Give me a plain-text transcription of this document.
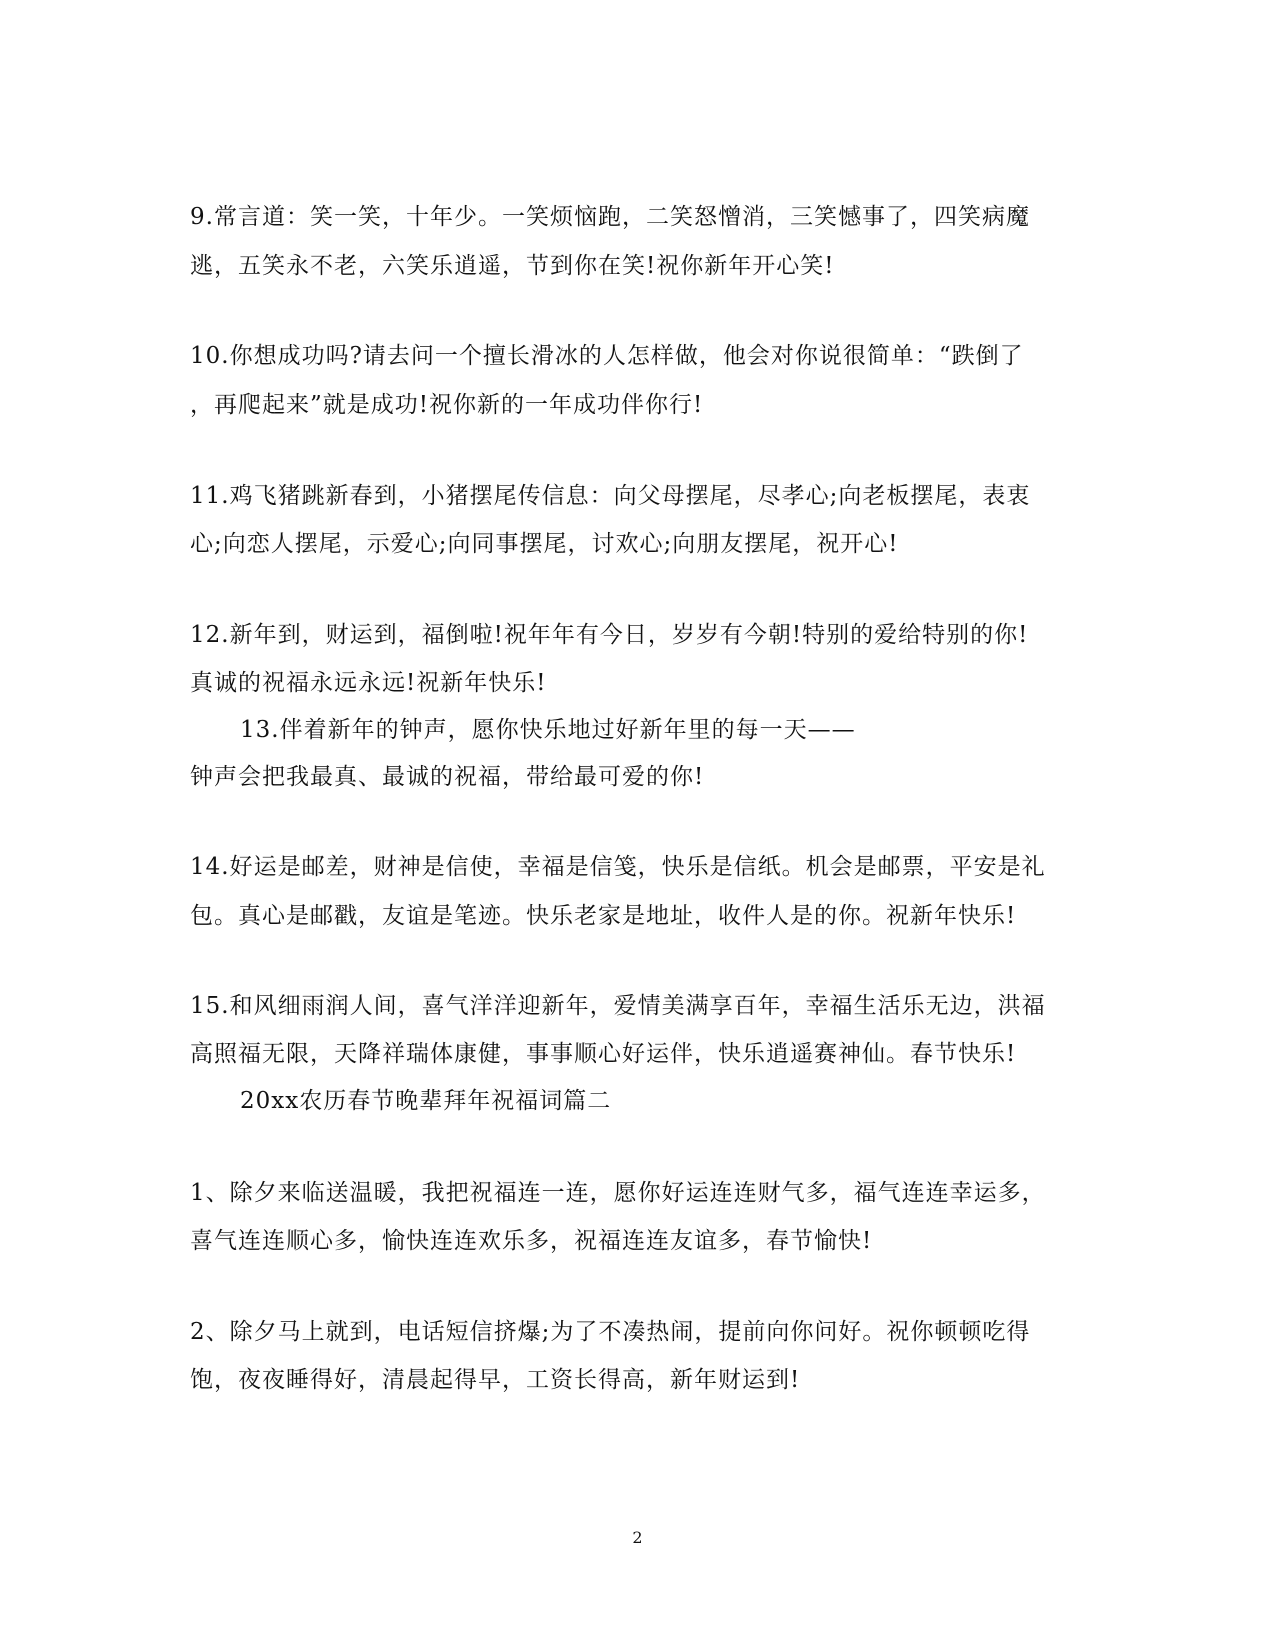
9.常言道：笑一笑，十年少。一笑烦恼跑，二笑怒憎消，三笑憾事了，四笑病魔
逃，五笑永不老，六笑乐逍遥，节到你在笑!祝你新年开心笑!
10.你想成功吗?请去问一个擅长滑冰的人怎样做，他会对你说很简单：“跌倒了
，再爬起来”就是成功!祝你新的一年成功伴你行!
11.鸡飞猪跳新春到，小猪摆尾传信息：向父母摆尾，尽孝心;向老板摆尾，表衷
心;向恋人摆尾，示爱心;向同事摆尾，讨欢心;向朋友摆尾，祝开心!
12.新年到，财运到，福倒啦!祝年年有今日，岁岁有今朝!特别的爱给特别的你!
真诚的祝福永远永远!祝新年快乐!
13.伴着新年的钟声，愿你快乐地过好新年里的每一天——
钟声会把我最真、最诚的祝福，带给最可爱的你!
14.好运是邮差，财神是信使，幸福是信笺，快乐是信纸。机会是邮票，平安是礼
包。真心是邮戳，友谊是笔迹。快乐老家是地址，收件人是的你。祝新年快乐!
15.和风细雨润人间，喜气洋洋迎新年，爱情美满享百年，幸福生活乐无边，洪福
高照福无限，天降祥瑞体康健，事事顺心好运伴，快乐逍遥赛神仙。春节快乐!
20xx农历春节晚辈拜年祝福词篇二
1、除夕来临送温暖，我把祝福连一连，愿你好运连连财气多，福气连连幸运多，
喜气连连顺心多，愉快连连欢乐多，祝福连连友谊多，春节愉快!
2、除夕马上就到，电话短信挤爆;为了不凑热闹，提前向你问好。祝你顿顿吃得
饱，夜夜睡得好，清晨起得早，工资长得高，新年财运到!
2
